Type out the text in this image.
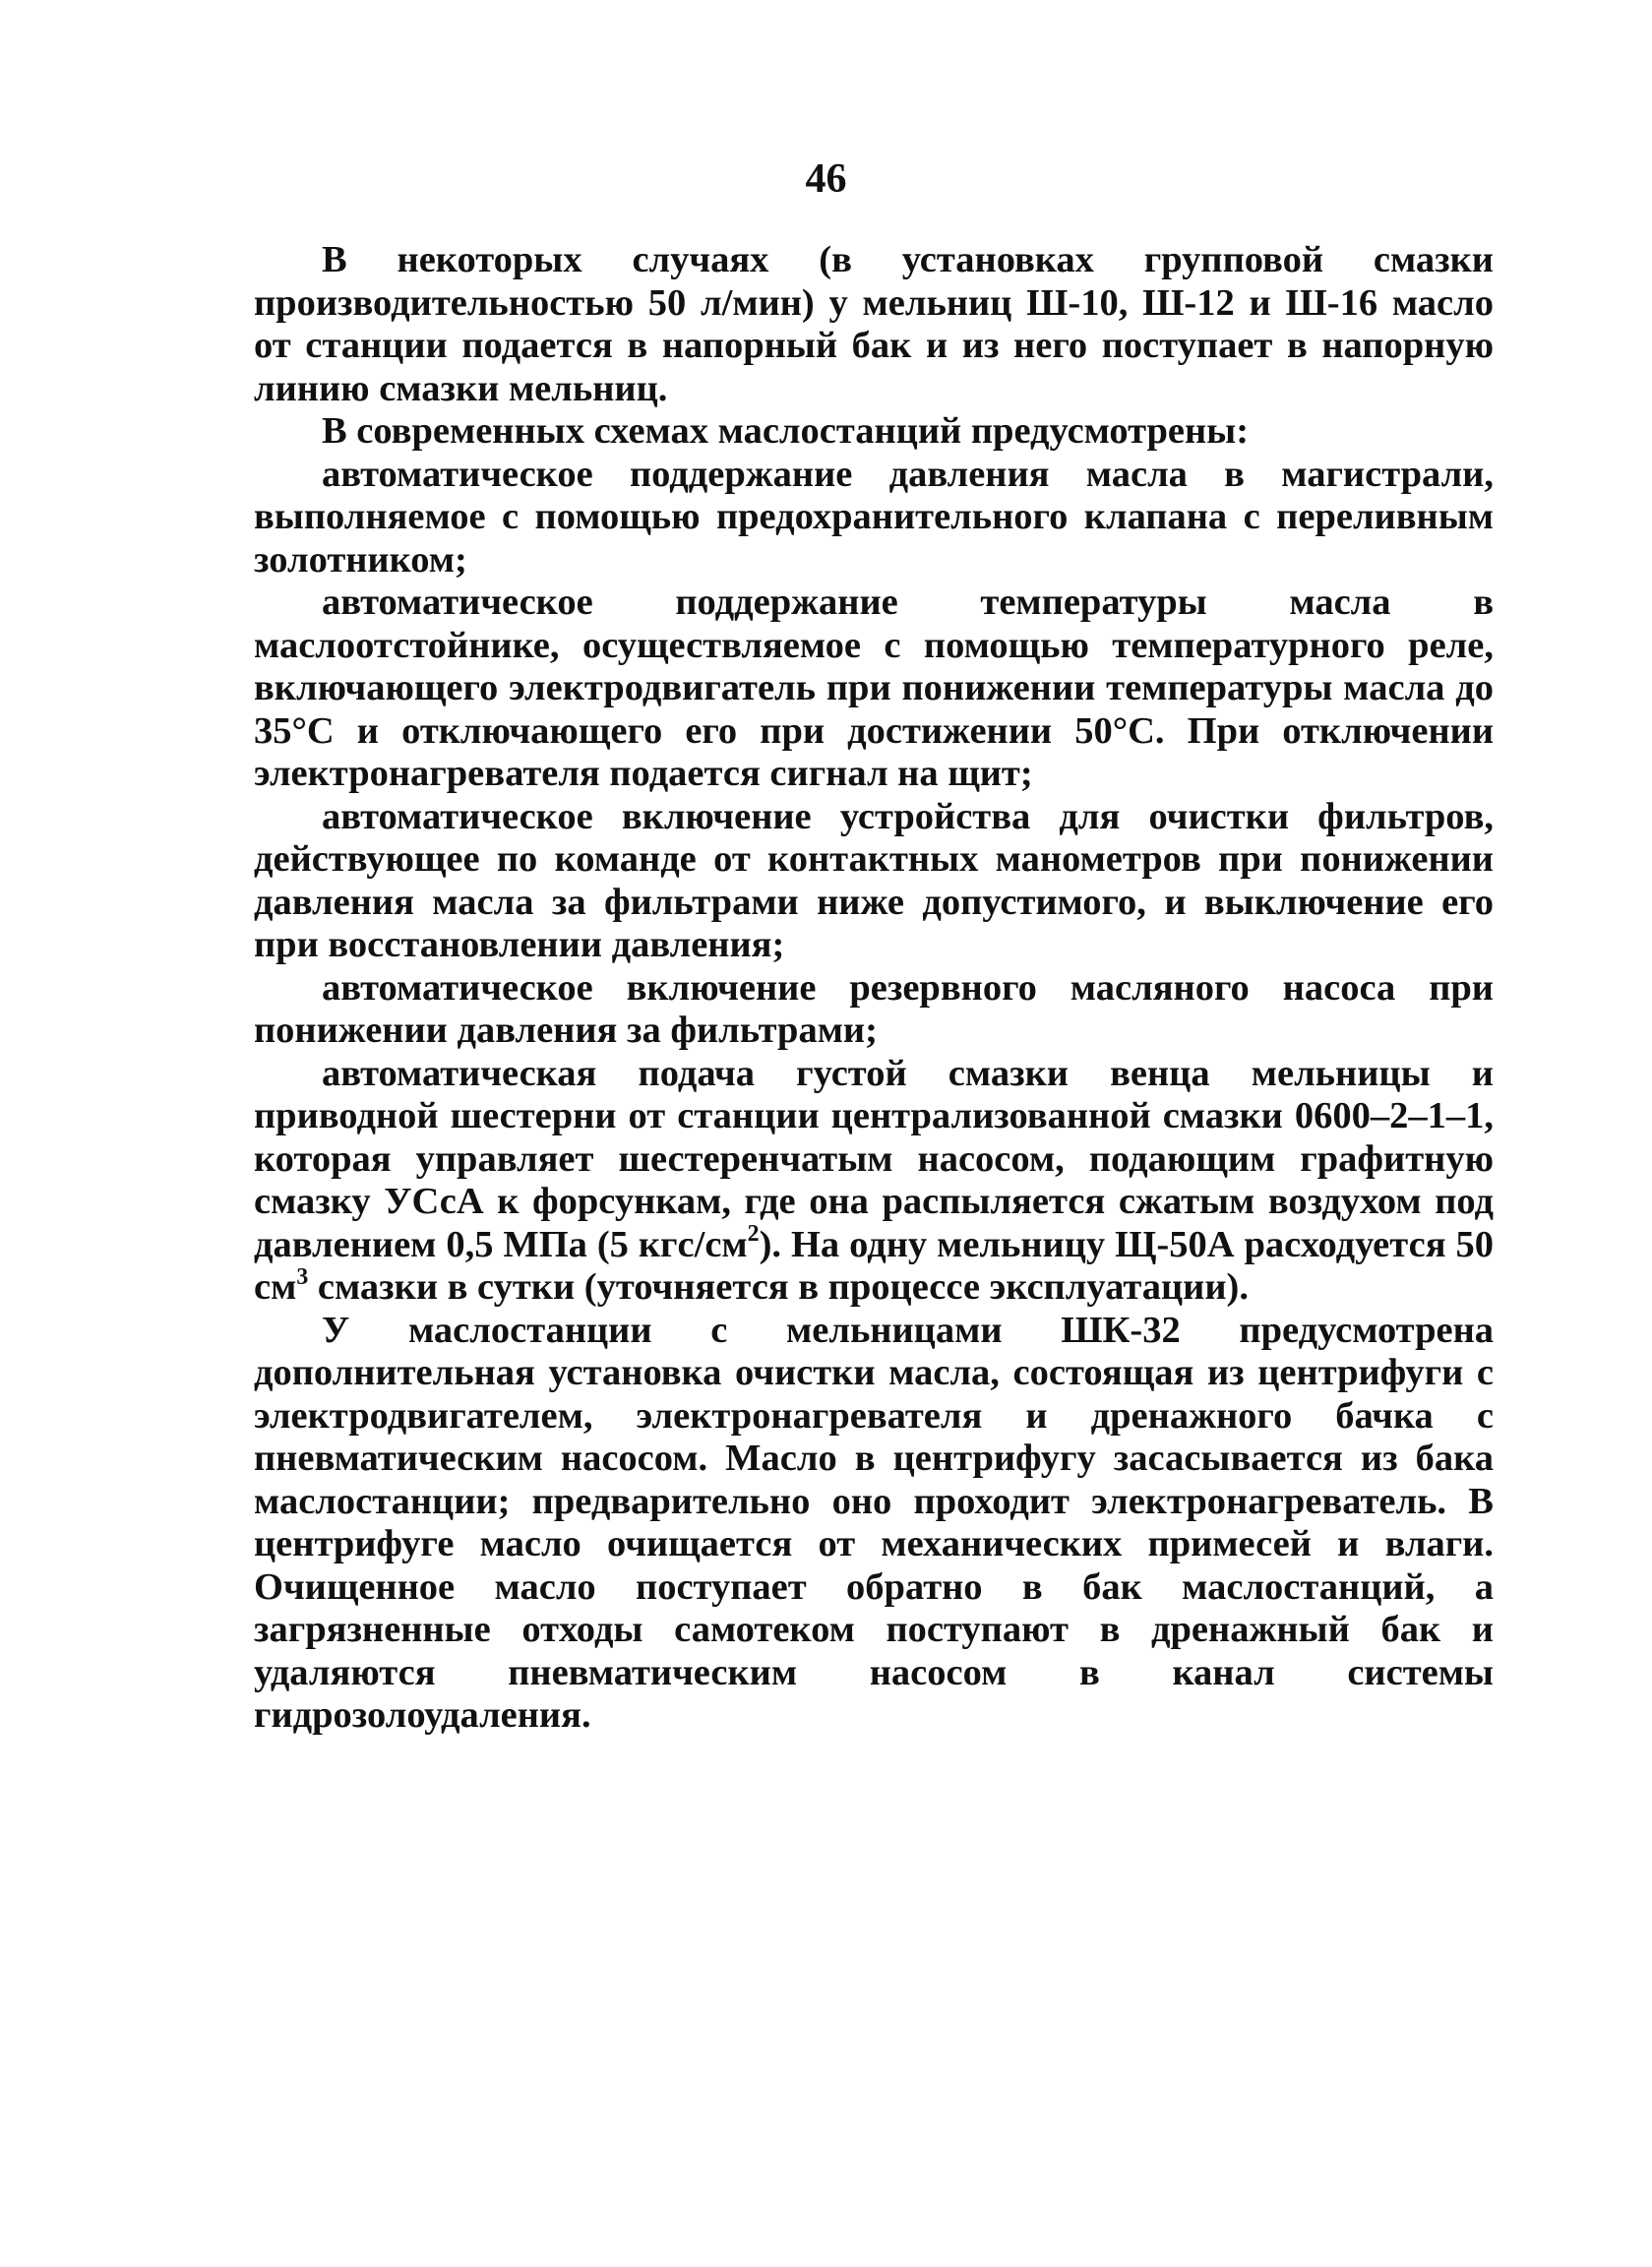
46

В некоторых случаях (в установках групповой смазки производительностью 50 л/мин) у мельниц Ш-10, Ш-12 и Ш-16 масло от станции подается в напорный бак и из него поступает в напорную линию смазки мельниц.

В современных схемах маслостанций предусмотрены:

автоматическое поддержание давления масла в магистрали, выполняемое с помощью предохранительного клапана с переливным золотником;

автоматическое поддержание температуры масла в маслоотстойнике, осуществляемое с помощью температурного реле, включающего электродвигатель при понижении температуры масла до 35°С и отключающего его при достижении 50°С. При отключении электронагревателя подается сигнал на щит;

автоматическое включение устройства для очистки фильтров, действующее по команде от контактных манометров при понижении давления масла за фильтрами ниже допустимого, и выключение его при восстановлении давления;

автоматическое включение резервного масляного насоса при понижении давления за фильтрами;

автоматическая подача густой смазки венца мельницы и приводной шестерни от станции централизованной смазки 0600–2–1–1, которая управляет шестеренчатым насосом, подающим графитную смазку УСсА к форсункам, где она распыляется сжатым воздухом под давлением 0,5 МПа (5 кгс/$см^2$). На одну мельницу Щ-50А расходуется 50 $см^3$ смазки в сутки (уточняется в процессе эксплуатации).

У маслостанции с мельницами ШК-32 предусмотрена дополнительная установка очистки масла, состоящая из центрифуги с электродвигателем, электронагревателя и дренажного бачка с пневматическим насосом. Масло в центрифугу засасывается из бака маслостанции; предварительно оно проходит электронагреватель. В центрифуге масло очищается от механических примесей и влаги. Очищенное масло поступает обратно в бак маслостанций, а загрязненные отходы самотеком поступают в дренажный бак и удаляются пневматическим насосом в канал системы гидрозолоудаления.
